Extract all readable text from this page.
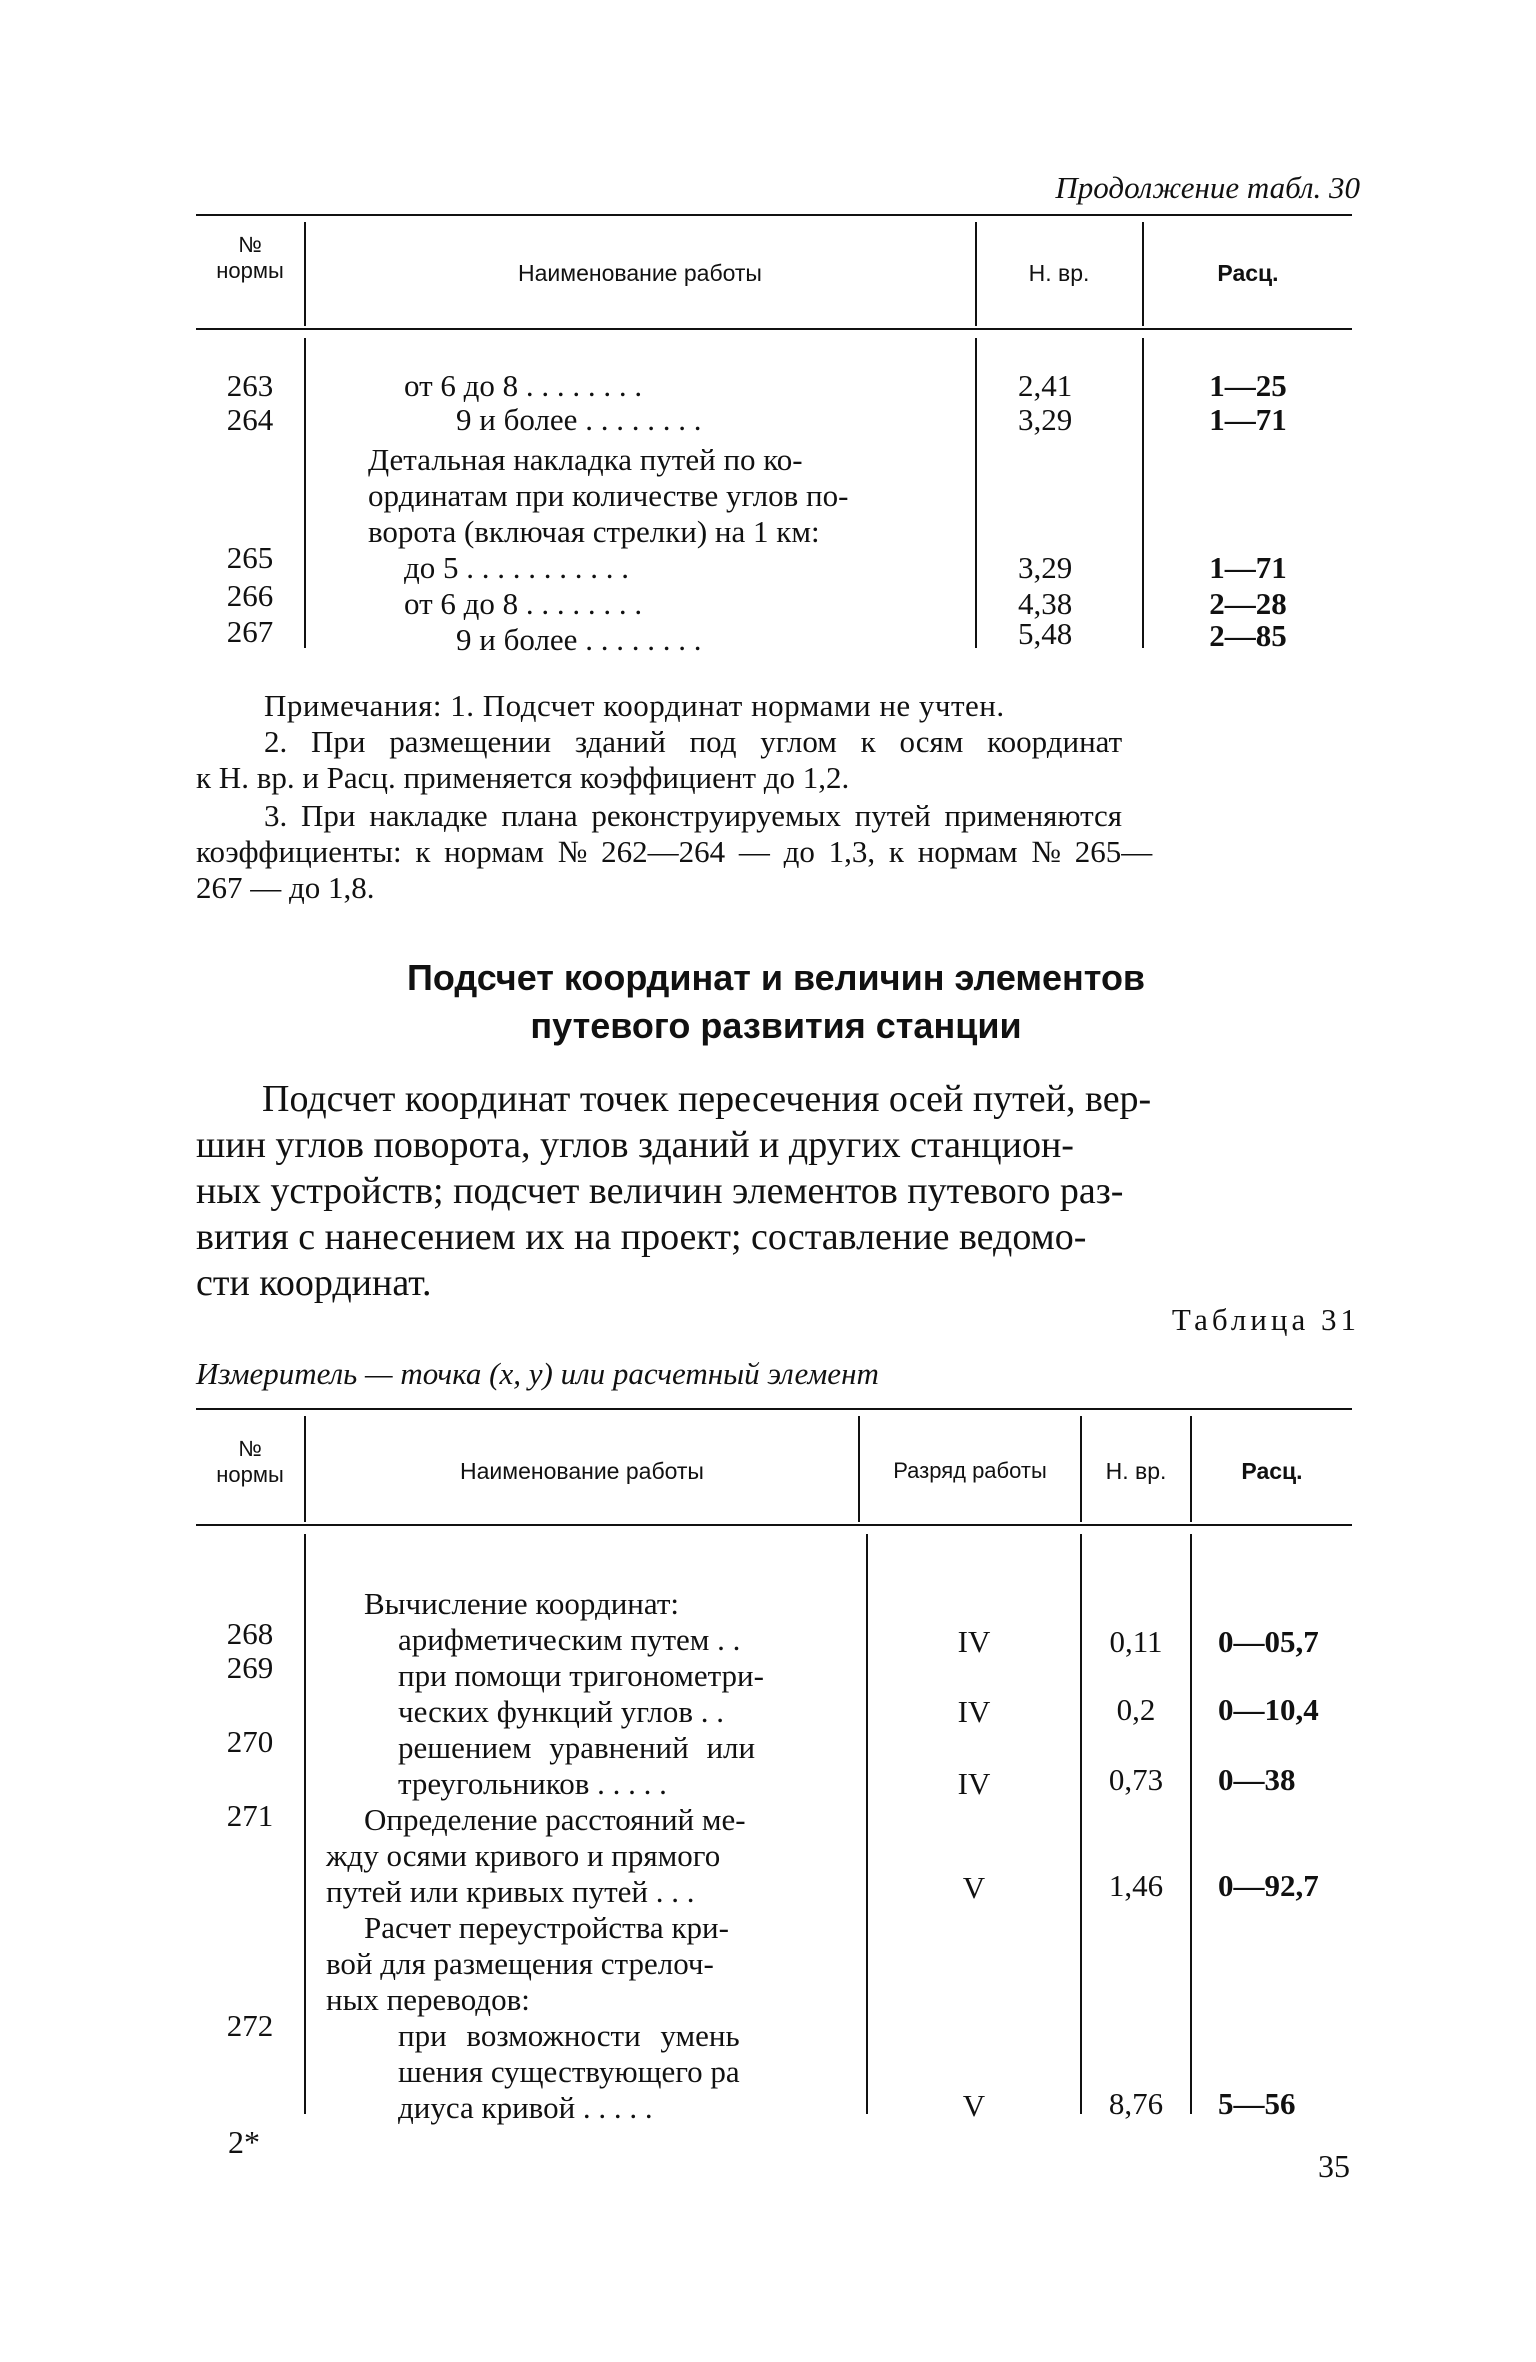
Продолжение табл. 30
№
нормы	Наименование работы	Н. вр.	Расц.
263	от 6 до 8 . . . . . . . .	2,41	1—25
264	9 и более . . . . . . . .	3,29	1—71
Детальная накладка путей по ко-
ординатам при количестве углов по-
ворота (включая стрелки) на 1 км:
265	до 5 . . . . . . . . . . .	3,29	1—71
266	от 6 до 8 . . . . . . . .	4,38	2—28
267	9 и более . . . . . . . .	5,48	2—85
Примечания: 1. Подсчет координат нормами не учтен.
2. При размещении зданий под углом к осям координат
к Н. вр. и Расц. применяется коэффициент до 1,2.
3. При накладке плана реконструируемых путей применяются
коэффициенты: к нормам № 262—264 — до 1,3, к нормам № 265—
267 — до 1,8.
Подсчет координат и величин элементов
путевого развития станции
Подсчет координат точек пересечения осей путей, вер-
шин углов поворота, углов зданий и других станцион-
ных устройств; подсчет величин элементов путевого раз-
вития с нанесением их на проект; составление ведомо-
сти координат.
Таблица 31
Измеритель — точка (x, y) или расчетный элемент
№
нормы	Наименование работы	Разряд работы	Н. вр.	Расц.
Вычисление координат:
268	арифметическим путем . .	IV	0,11	0—05,7
269	при помощи тригонометри-
ческих функций углов . .	IV	0,2	0—10,4
270	решением уравнений или
треугольников . . . . .	IV	0,73	0—38
271	Определение расстояний ме-
жду осями кривого и прямого
путей или кривых путей . . .	V	1,46	0—92,7
Расчет переустройства кри-
вой для размещения стрелоч-
ных переводов:
272	при возможности умень
шения существующего ра
диуса кривой . . . . .	V	8,76	5—56
2*
35
